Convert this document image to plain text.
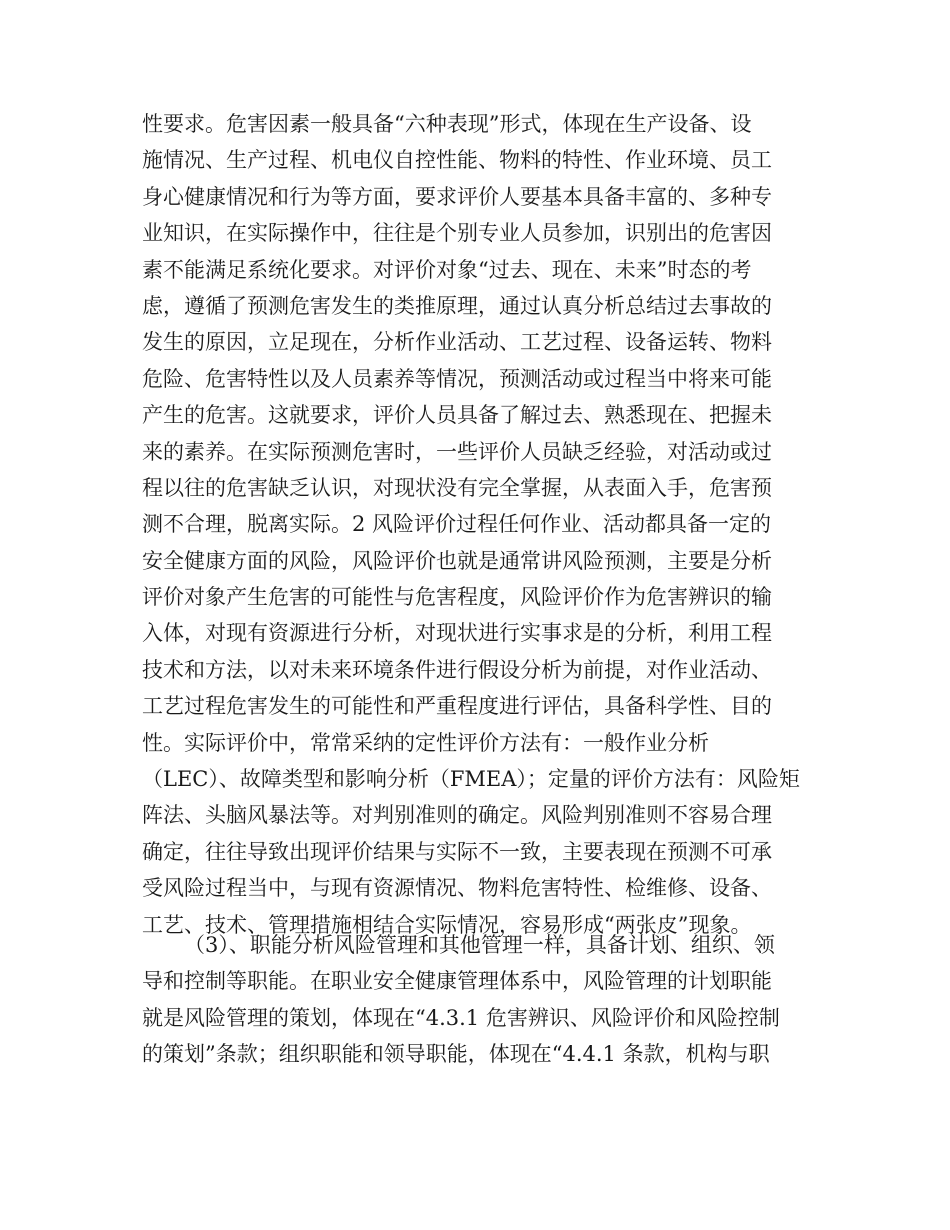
性要求。危害因素一般具备“六种表现”形式，体现在生产设备、设
施情况、生产过程、机电仪自控性能、物料的特性、作业环境、员工
身心健康情况和行为等方面，要求评价人要基本具备丰富的、多种专
业知识，在实际操作中，往往是个别专业人员参加，识别出的危害因
素不能满足系统化要求。对评价对象“过去、现在、未来”时态的考
虑，遵循了预测危害发生的类推原理，通过认真分析总结过去事故的
发生的原因，立足现在，分析作业活动、工艺过程、设备运转、物料
危险、危害特性以及人员素养等情况，预测活动或过程当中将来可能
产生的危害。这就要求，评价人员具备了解过去、熟悉现在、把握未
来的素养。在实际预测危害时，一些评价人员缺乏经验，对活动或过
程以往的危害缺乏认识，对现状没有完全掌握，从表面入手，危害预
测不合理，脱离实际。2 风险评价过程任何作业、活动都具备一定的
安全健康方面的风险，风险评价也就是通常讲风险预测，主要是分析
评价对象产生危害的可能性与危害程度，风险评价作为危害辨识的输
入体，对现有资源进行分析，对现状进行实事求是的分析，利用工程
技术和方法，以对未来环境条件进行假设分析为前提，对作业活动、
工艺过程危害发生的可能性和严重程度进行评估，具备科学性、目的
性。实际评价中，常常采纳的定性评价方法有：一般作业分析
（LEC）、故障类型和影响分析（FMEA）；定量的评价方法有：风险矩
阵法、头脑风暴法等。对判别准则的确定。风险判别准则不容易合理
确定，往往导致出现评价结果与实际不一致，主要表现在预测不可承
受风险过程当中，与现有资源情况、物料危害特性、检维修、设备、
工艺、技术、管理措施相结合实际情况，容易形成“两张皮”现象。
（3）、职能分析风险管理和其他管理一样，具备计划、组织、领
导和控制等职能。在职业安全健康管理体系中，风险管理的计划职能
就是风险管理的策划，体现在“4.3.1 危害辨识、风险评价和风险控制
的策划”条款；组织职能和领导职能，体现在“4.4.1 条款，机构与职
